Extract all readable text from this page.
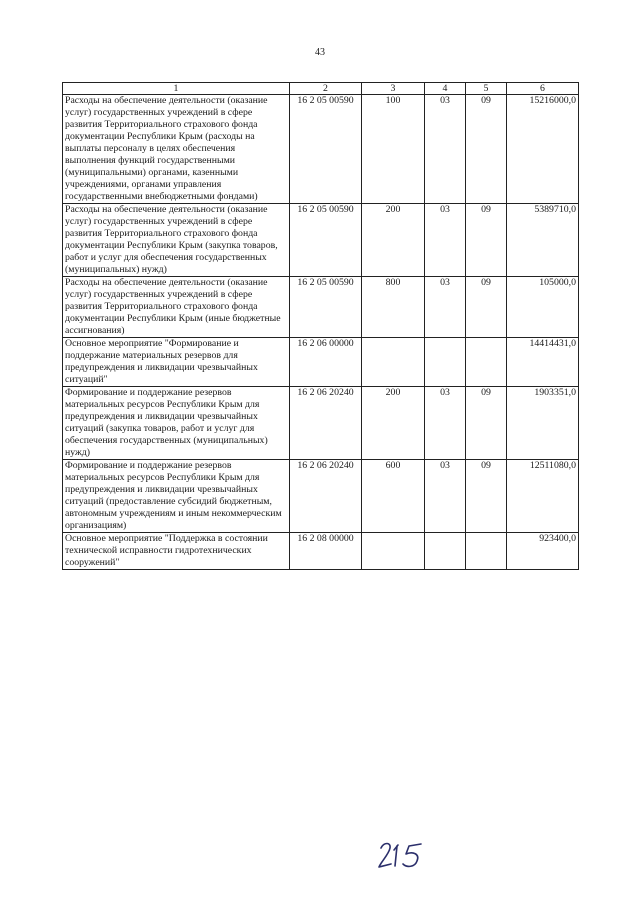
43
1	2	3	4	5	6
Расходы на обеспечение деятельности (оказание услуг) государственных учреждений в сфере развития Территориального страхового фонда документации Республики Крым (расходы на выплаты персоналу в целях обеспечения выполнения функций государственными (муниципальными) органами, казенными учреждениями, органами управления государственными внебюджетными фондами)	16 2 05 00590	100	03	09	15216000,0
Расходы на обеспечение деятельности (оказание услуг) государственных учреждений в сфере развития Территориального страхового фонда документации Республики Крым (закупка товаров, работ и услуг для обеспечения государственных (муниципальных) нужд)	16 2 05 00590	200	03	09	5389710,0
Расходы на обеспечение деятельности (оказание услуг) государственных учреждений в сфере развития Территориального страхового фонда документации Республики Крым (иные бюджетные ассигнования)	16 2 05 00590	800	03	09	105000,0
Основное мероприятие "Формирование и поддержание материальных резервов для предупреждения и ликвидации чрезвычайных ситуаций"	16 2 06 00000				14414431,0
Формирование и поддержание резервов материальных ресурсов Республики Крым для предупреждения и ликвидации чрезвычайных ситуаций (закупка товаров, работ и услуг для обеспечения государственных (муниципальных) нужд)	16 2 06 20240	200	03	09	1903351,0
Формирование и поддержание резервов материальных ресурсов Республики Крым для предупреждения и ликвидации чрезвычайных ситуаций (предоставление субсидий бюджетным, автономным учреждениям и иным некоммерческим организациям)	16 2 06 20240	600	03	09	12511080,0
Основное мероприятие "Поддержка в состоянии технической исправности гидротехнических сооружений"	16 2 08 00000				923400,0
